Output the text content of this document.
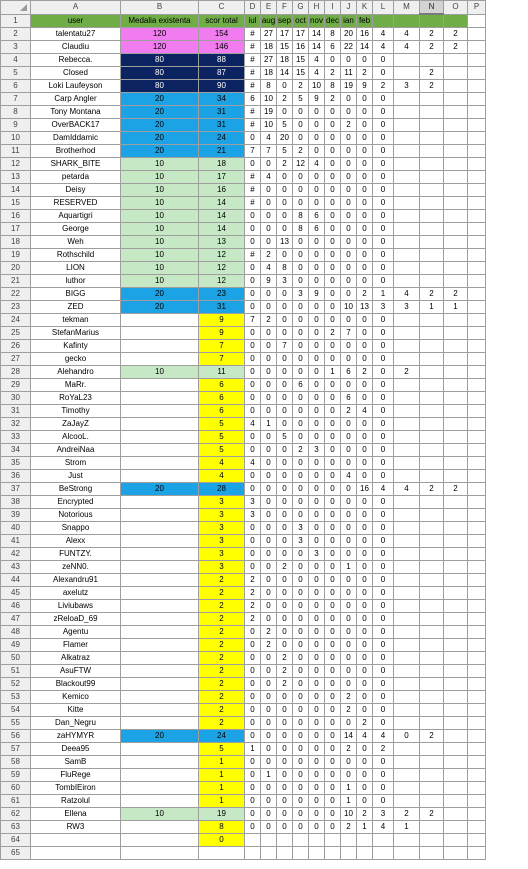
	A	B	C	D	E	F	G	H	I	J	K	L	M	N	O	P
1	user	Medalia existenta	scor total	iul	aug	sep	oct	nov	dec	ian	feb					
2	talentatu27	120	154	#	27	17	17	14	8	20	16	4	4	2	2	
3	Claudiu	120	146	#	18	15	16	14	6	22	14	4	4	2	2	
4	Rebecca.	80	88	#	27	18	15	4	0	0	0	0				
5	Closed	80	87	#	18	14	15	4	2	11	2	0		2		
6	Loki Laufeyson	80	90	#	8	0	2	10	8	19	9	2	3	2		
7	Carp Angler	20	34	6	10	2	5	9	2	0	0	0				
8	Tony Montana	20	31	#	19	0	0	0	0	0	0	0				
9	OverBACK17	20	31	#	10	5	0	0	0	2	0	0				
10	DamIddamic	20	24	0	4	20	0	0	0	0	0	0				
11	Brotherhod	20	21	7	7	5	2	0	0	0	0	0				
12	SHARK_BITE	10	18	0	0	2	12	4	0	0	0	0				
13	petarda	10	17	#	4	0	0	0	0	0	0	0				
14	Deisy	10	16	#	0	0	0	0	0	0	0	0				
15	RESERVED	10	14	#	0	0	0	0	0	0	0	0				
16	Aquartigri	10	14	0	0	0	8	6	0	0	0	0				
17	George	10	14	0	0	0	8	6	0	0	0	0				
18	Weh	10	13	0	0	13	0	0	0	0	0	0				
19	Rothschild	10	12	#	2	0	0	0	0	0	0	0				
20	LION	10	12	0	4	8	0	0	0	0	0	0				
21	luthor	10	12	0	9	3	0	0	0	0	0	0				
22	BIGG	20	23	0	0	0	3	9	0	0	2	1	4	2	2	
23	ZED	20	31	0	0	0	0	0	0	10	13	3	3	1	1	
24	tekman		9	7	2	0	0	0	0	0	0	0				
25	StefanMarius		9	0	0	0	0	0	2	7	0	0				
26	Kafinty		7	0	0	7	0	0	0	0	0	0				
27	gecko		7	0	0	0	0	0	0	0	0	0				
28	Alehandro	10	11	0	0	0	0	0	1	6	2	0	2			
29	MaRr.		6	0	0	0	6	0	0	0	0	0				
30	RoYaL23		6	0	0	0	0	0	0	6	0	0				
31	Timothy		6	0	0	0	0	0	0	2	4	0				
32	ZaJayZ		5	4	1	0	0	0	0	0	0	0				
33	AlcooL.		5	0	0	5	0	0	0	0	0	0				
34	AndreiNaa		5	0	0	0	2	3	0	0	0	0				
35	Strom		4	4	0	0	0	0	0	0	0	0				
36	Just		4	0	0	0	0	0	0	4	0	0				
37	BeStrong	20	28	0	0	0	0	0	0	0	16	4	4	2	2	
38	Encrypted		3	3	0	0	0	0	0	0	0	0				
39	Notorious		3	3	0	0	0	0	0	0	0	0				
40	Snappo		3	0	0	0	3	0	0	0	0	0				
41	Alexx		3	0	0	0	3	0	0	0	0	0				
42	FUNTZY.		3	0	0	0	0	3	0	0	0	0				
43	zeNN0.		3	0	0	2	0	0	0	1	0	0				
44	Alexandru91		2	2	0	0	0	0	0	0	0	0				
45	axelutz		2	2	0	0	0	0	0	0	0	0				
46	Liviubaws		2	2	0	0	0	0	0	0	0	0				
47	zReloaD_69		2	2	0	0	0	0	0	0	0	0				
48	Agentu		2	0	2	0	0	0	0	0	0	0				
49	Flamer		2	0	2	0	0	0	0	0	0	0				
50	Alkatraz		2	0	0	2	0	0	0	0	0	0				
51	AsuFTW		2	0	0	2	0	0	0	0	0	0				
52	Blackout99		2	0	0	2	0	0	0	0	0	0				
53	Kemico		2	0	0	0	0	0	0	2	0	0				
54	Kitte		2	0	0	0	0	0	0	2	0	0				
55	Dan_Negru		2	0	0	0	0	0	0	0	2	0				
56	zaHYMYR	20	24	0	0	0	0	0	0	14	4	4	0	2		
57	Deea95		5	1	0	0	0	0	0	2	0	2				
58	SamB		1	0	0	0	0	0	0	0	0	0				
59	FluRege		1	0	1	0	0	0	0	0	0	0				
60	TombIEiron		1	0	0	0	0	0	0	1	0	0				
61	Ratzolul		1	0	0	0	0	0	0	1	0	0				
62	Ellena	10	19	0	0	0	0	0	0	10	2	3	2	2		
63	RW3		8	0	0	0	0	0	0	2	1	4	1			
64			0													
65																
